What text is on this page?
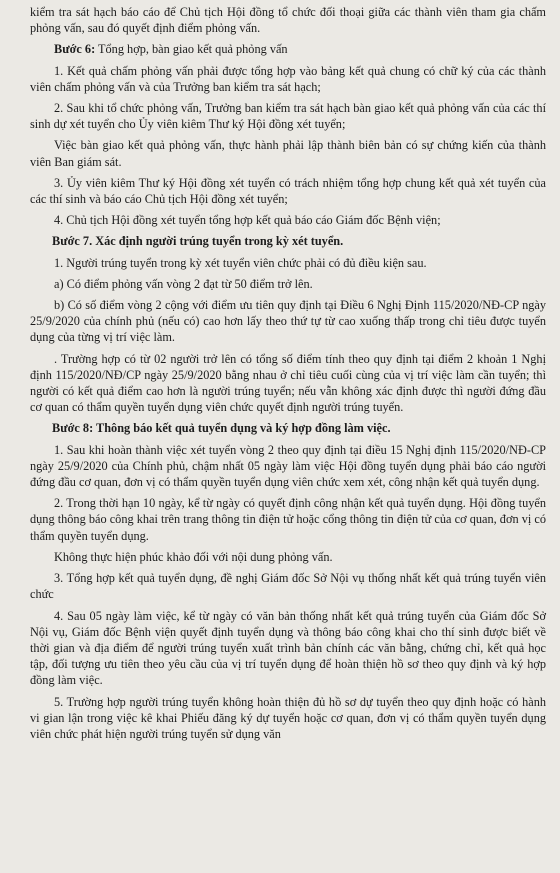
kiểm tra sát hạch báo cáo để Chủ tịch Hội đồng tổ chức đối thoại giữa các thành viên tham gia chấm phỏng vấn, sau đó quyết định điểm phỏng vấn.

Bước 6: Tổng hợp, bàn giao kết quả phỏng vấn

1. Kết quả chấm phỏng vấn phải được tổng hợp vào bảng kết quả chung có chữ ký của các thành viên chấm phỏng vấn và của Trưởng ban kiểm tra sát hạch;

2. Sau khi tổ chức phỏng vấn, Trưởng ban kiểm tra sát hạch bàn giao kết quả phỏng vấn của các thí sinh dự xét tuyển cho Ủy viên kiêm Thư ký Hội đồng xét tuyển;

Việc bàn giao kết quả phỏng vấn, thực hành phải lập thành biên bản có sự chứng kiến của thành viên Ban giám sát.

3. Ủy viên kiêm Thư ký Hội đồng xét tuyển có trách nhiệm tổng hợp chung kết quả xét tuyển của các thí sinh và báo cáo Chủ tịch Hội đồng xét tuyển;

4. Chủ tịch Hội đồng xét tuyển tổng hợp kết quả báo cáo Giám đốc Bệnh viện;

Bước 7. Xác định người trúng tuyển trong kỳ xét tuyển.

1. Người trúng tuyển trong kỳ xét tuyển viên chức phải có đủ điều kiện sau.

a) Có điểm phỏng vấn vòng 2 đạt từ 50 điểm trở lên.

b) Có số điểm vòng 2 cộng với điểm ưu tiên quy định tại Điều 6 Nghị Định 115/2020/NĐ-CP ngày 25/9/2020 của chính phủ (nếu có) cao hơn lấy theo thứ tự từ cao xuống thấp trong chỉ tiêu được tuyển dụng của từng vị trí việc làm.

. Trường hợp có từ 02 người trở lên có tổng số điểm tính theo quy định tại điểm 2 khoản 1 Nghị định 115/2020/NĐ/CP ngày 25/9/2020 bằng nhau ở chỉ tiêu cuối cùng của vị trí việc làm cần tuyển; thì người có kết quả điểm cao hơn là người trúng tuyển; nếu vẫn không xác định được thì người đứng đầu cơ quan có thẩm quyền tuyển dụng viên chức quyết định người trúng tuyển.

Bước 8: Thông báo kết quả tuyển dụng và ký hợp đồng làm việc.

1. Sau khi hoàn thành việc xét tuyển vòng 2 theo quy định tại điều 15 Nghị định 115/2020/NĐ-CP ngày 25/9/2020 của Chính phủ, chậm nhất 05 ngày làm việc Hội đồng tuyển dụng phải báo cáo người đứng đầu cơ quan, đơn vị có thẩm quyền tuyển dụng viên chức xem xét, công nhận kết quả tuyển dụng.

2. Trong thời hạn 10 ngày, kể từ ngày có quyết định công nhận kết quả tuyển dụng. Hội đồng tuyển dụng thông báo công khai trên trang thông tin điện tử hoặc cổng thông tin điện tử của cơ quan, đơn vị có thẩm quyền tuyển dụng.

Không thực hiện phúc khảo đối với nội dung phỏng vấn.

3. Tổng hợp kết quả tuyển dụng, đề nghị Giám đốc Sở Nội vụ thống nhất kết quả trúng tuyển viên chức

4. Sau 05 ngày làm việc, kể từ ngày có văn bản thống nhất kết quả trúng tuyển của Giám đốc Sở Nội vụ, Giám đốc Bệnh viện quyết định tuyển dụng và thông báo công khai cho thí sinh được biết về thời gian và địa điểm để người trúng tuyển xuất trình bản chính các văn bằng, chứng chỉ, kết quả học tập, đối tượng ưu tiên theo yêu cầu của vị trí tuyển dụng để hoàn thiện hồ sơ theo quy định và ký hợp đồng làm việc.

5. Trường hợp người trúng tuyển không hoàn thiện đủ hồ sơ dự tuyển theo quy định hoặc có hành vi gian lận trong việc kê khai Phiếu đăng ký dự tuyển hoặc cơ quan, đơn vị có thẩm quyền tuyển dụng viên chức phát hiện người trúng tuyển sử dụng văn
